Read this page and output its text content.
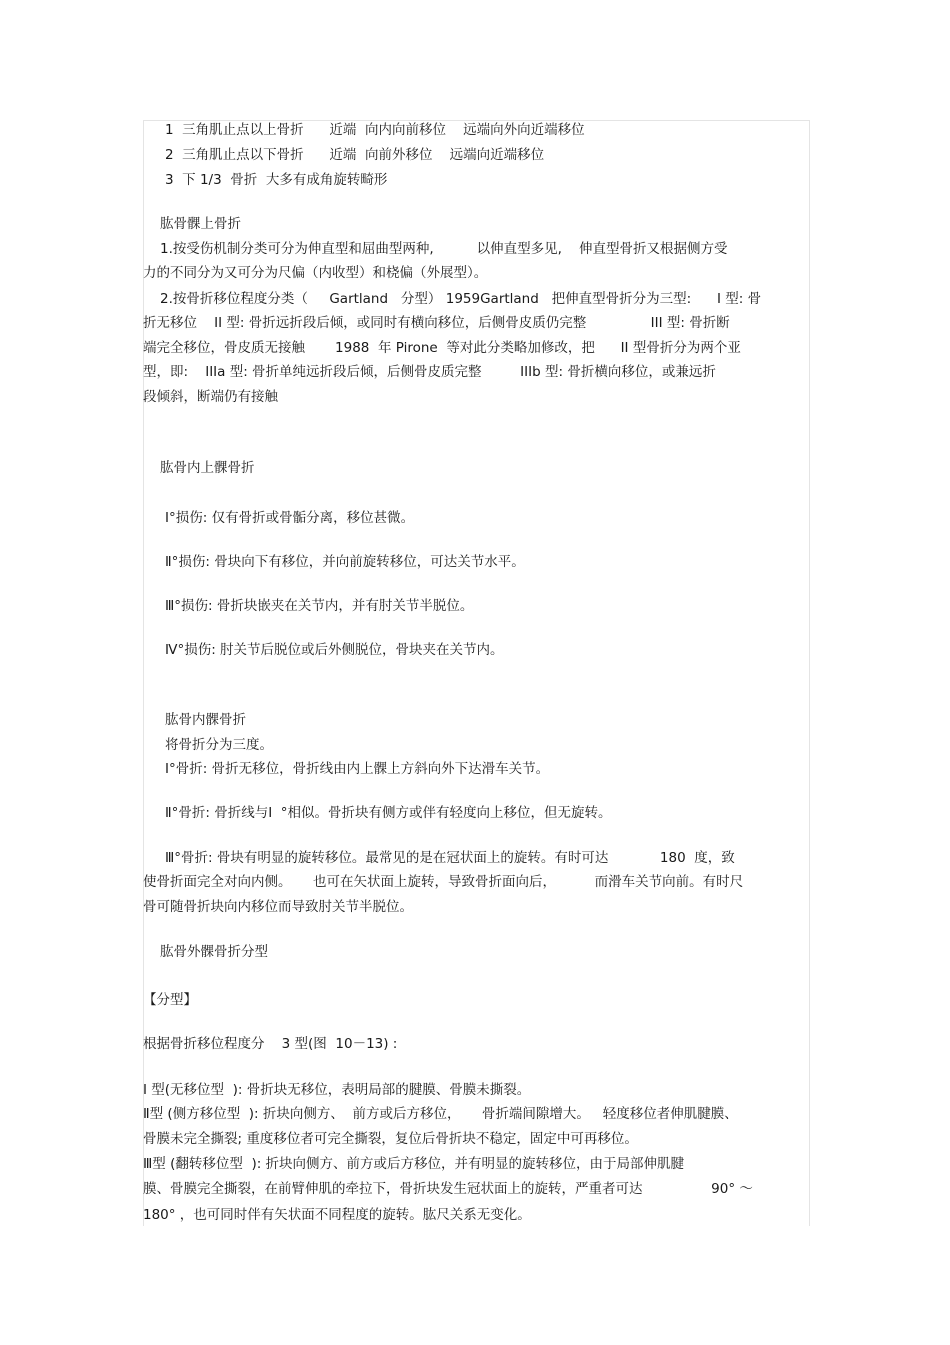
1  三角肌止点以上骨折      近端  向内向前移位    远端向外向近端移位
2  三角肌止点以下骨折      近端  向前外移位    远端向近端移位
3  下 1/3  骨折  大多有成角旋转畸形
肱骨髁上骨折
1.按受伤机制分类可分为伸直型和屈曲型两种,          以伸直型多见,    伸直型骨折又根据侧方受
力的不同分为又可分为尺偏（内收型）和桡偏（外展型）。
2.按骨折移位程度分类（     Gartland   分型） 1959Gartland   把伸直型骨折分为三型:      I 型: 骨
折无移位    II 型: 骨折远折段后倾，或同时有横向移位，后侧骨皮质仍完整               III 型: 骨折断
端完全移位，骨皮质无接触       1988  年 Pirone  等对此分类略加修改，把      II 型骨折分为两个亚
型，即:    IIIa 型: 骨折单纯远折段后倾，后侧骨皮质完整         IIIb 型: 骨折横向移位，或兼远折
段倾斜，断端仍有接触
肱骨内上髁骨折
Ⅰ°损伤: 仅有骨折或骨骺分离，移位甚微。
Ⅱ°损伤: 骨块向下有移位，并向前旋转移位，可达关节水平。
Ⅲ°损伤: 骨折块嵌夹在关节内，并有肘关节半脱位。
Ⅳ°损伤: 肘关节后脱位或后外侧脱位，骨块夹在关节内。
肱骨内髁骨折
将骨折分为三度。
Ⅰ°骨折: 骨折无移位，骨折线由内上髁上方斜向外下达滑车关节。
Ⅱ°骨折: 骨折线与Ⅰ  °相似。骨折块有侧方或伴有轻度向上移位，但无旋转。
Ⅲ°骨折: 骨块有明显的旋转移位。最常见的是在冠状面上的旋转。有时可达            180  度，致
使骨折面完全对向内侧。     也可在矢状面上旋转，导致骨折面向后，         而滑车关节向前。有时尺
骨可随骨折块向内移位而导致肘关节半脱位。
肱骨外髁骨折分型
【分型】
根据骨折移位程度分    3 型(图  10－13) :
I 型(无移位型  ): 骨折块无移位，表明局部的腱膜、骨膜未撕裂。
Ⅱ型 (侧方移位型  ): 折块向侧方、  前方或后方移位，     骨折端间隙增大。   轻度移位者伸肌腱膜、
骨膜未完全撕裂; 重度移位者可完全撕裂，复位后骨折块不稳定，固定中可再移位。
Ⅲ型 (翻转移位型  ): 折块向侧方、前方或后方移位，并有明显的旋转移位，由于局部伸肌腱
膜、骨膜完全撕裂，在前臂伸肌的牵拉下，骨折块发生冠状面上的旋转，严重者可达                90° ～
180° ，也可同时伴有矢状面不同程度的旋转。肱尺关系无变化。
